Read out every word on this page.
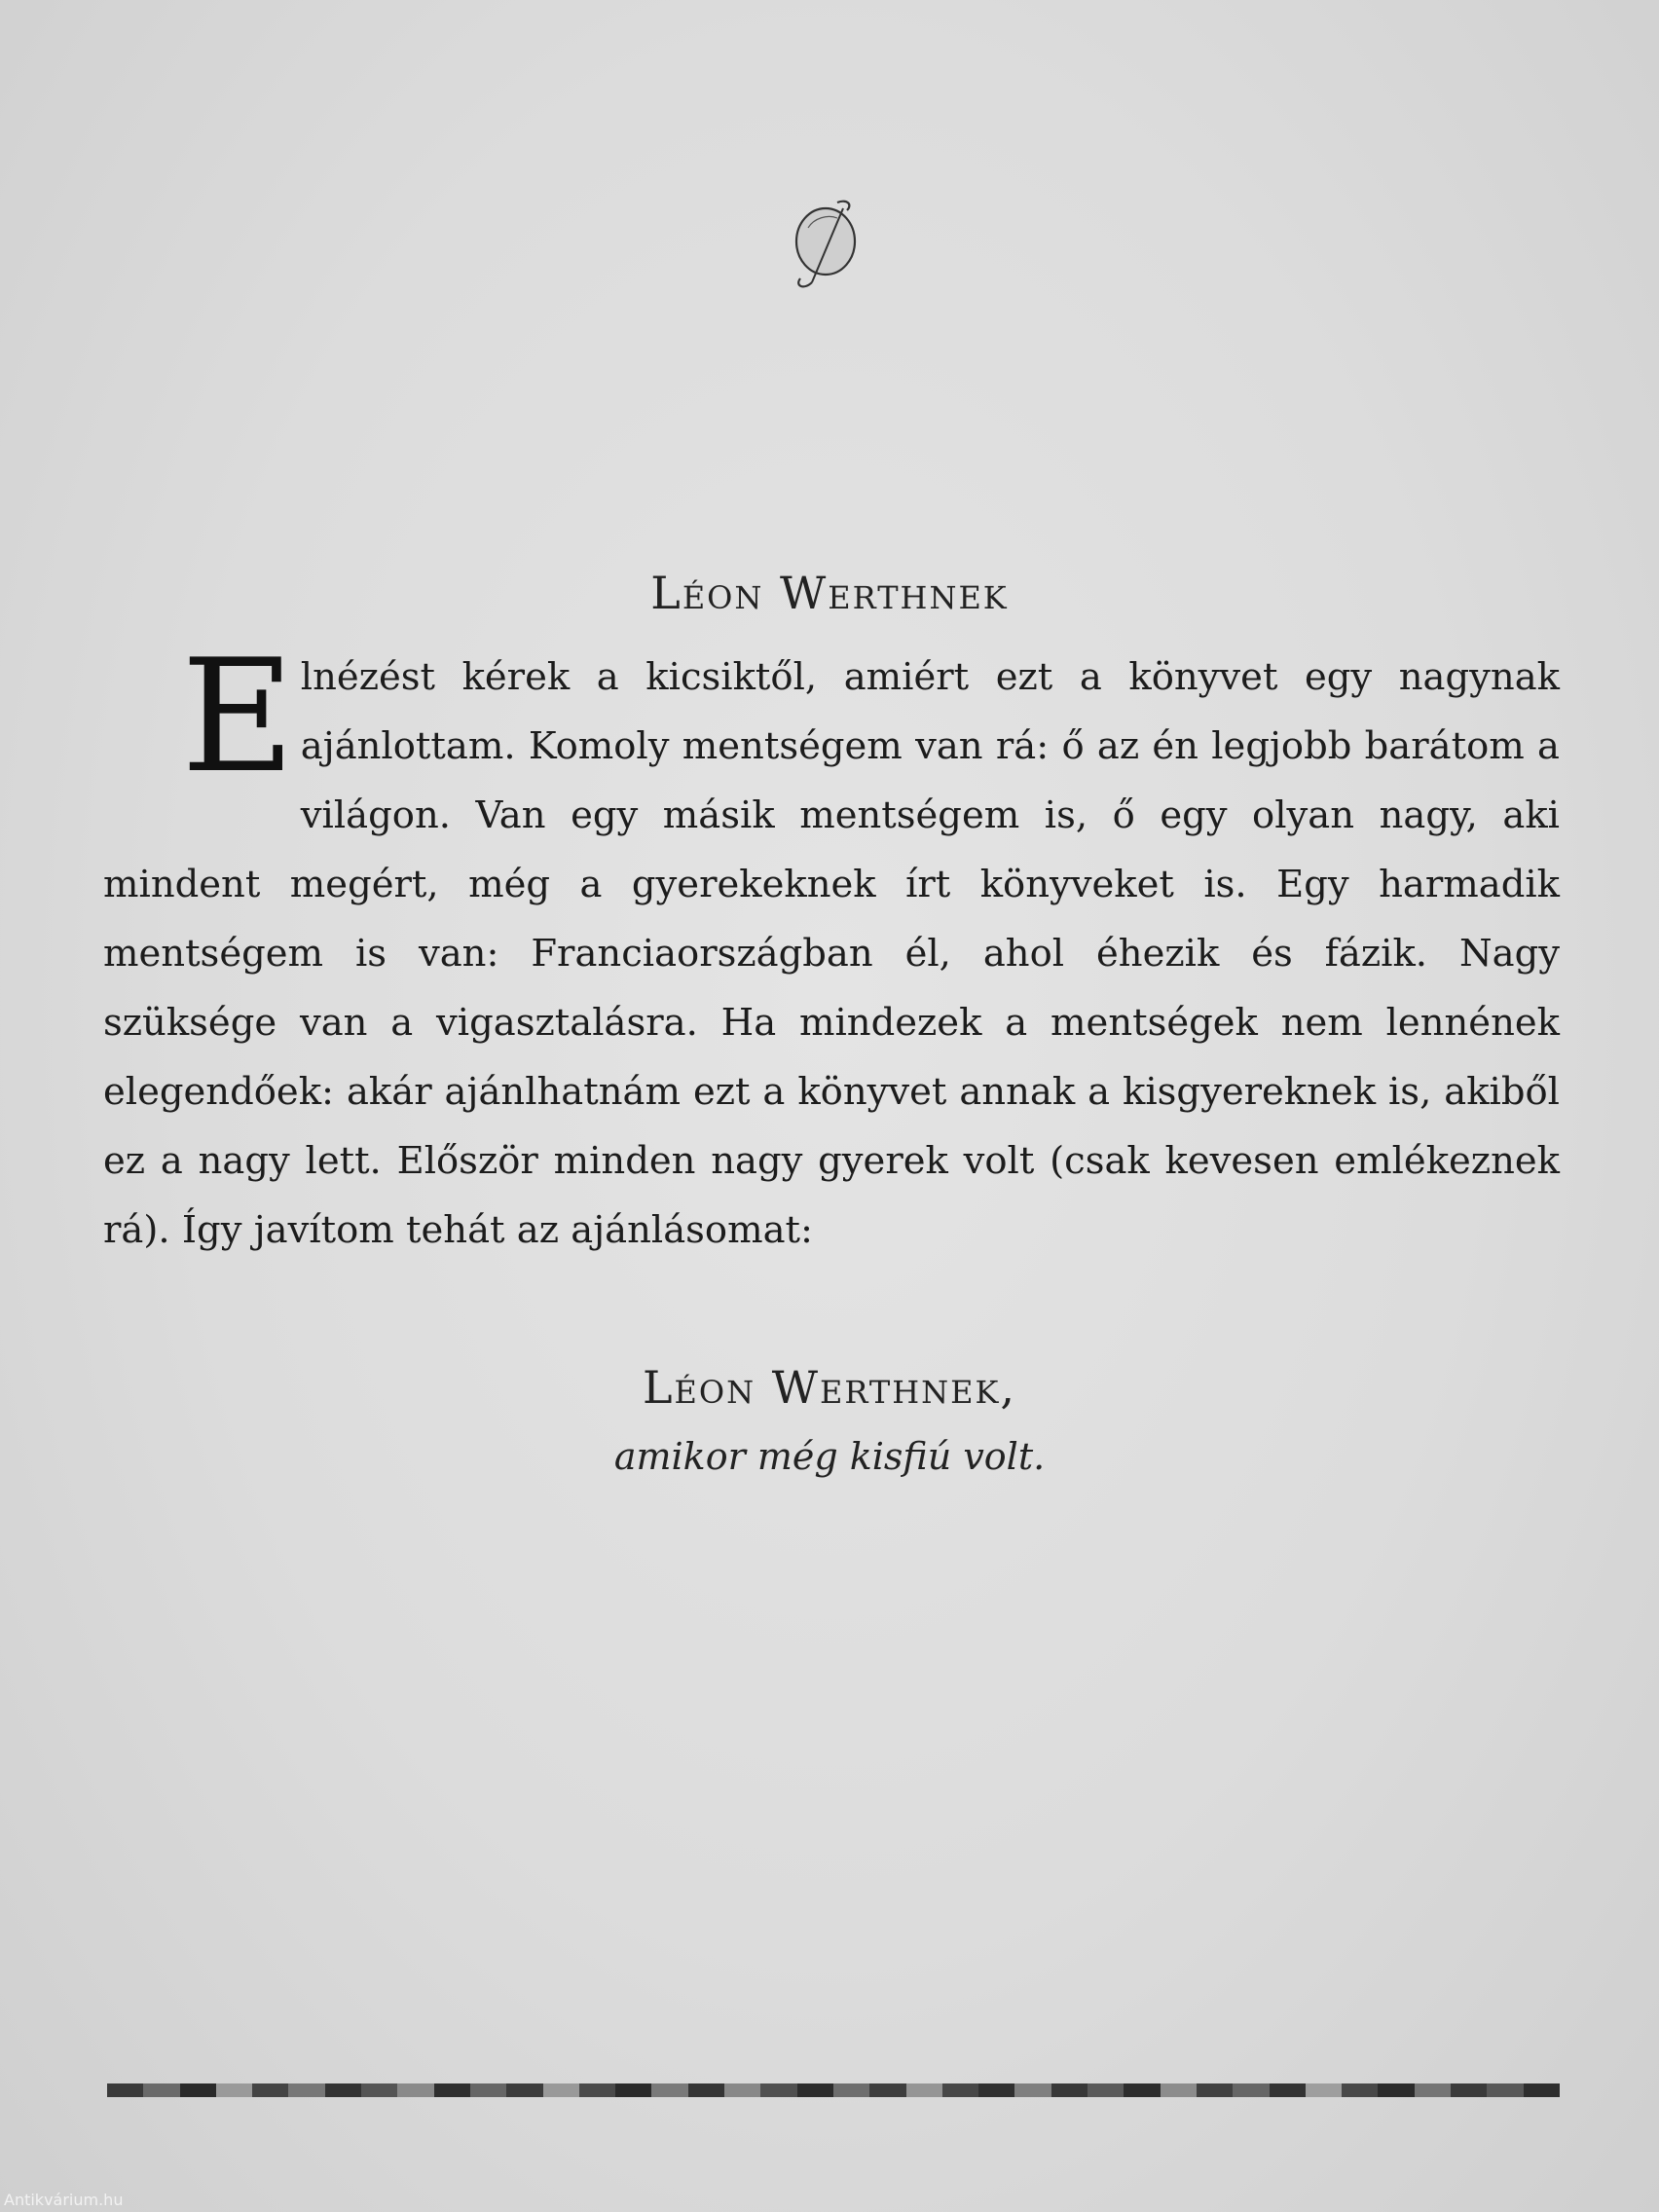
Léon Werthnek

Elnézést kérek a kicsiktől, amiért ezt a könyvet egy nagynak ajánlottam. Komoly mentségem van rá: ő az én legjobb barátom a világon. Van egy másik mentségem is, ő egy olyan nagy, aki mindent megért, még a gyerekeknek írt könyveket is. Egy harmadik mentségem is van: Franciaországban él, ahol éhezik és fázik. Nagy szüksége van a vigasztalásra. Ha mindezek a mentségek nem lennének elegendőek: akár ajánlhatnám ezt a könyvet annak a kisgyereknek is, akiből ez a nagy lett. Először minden nagy gyerek volt (csak kevesen emlékeznek rá). Így javítom tehát az ajánlásomat:

Léon Werthnek,
amikor még kisfiú volt.
Antikvárium.hu
